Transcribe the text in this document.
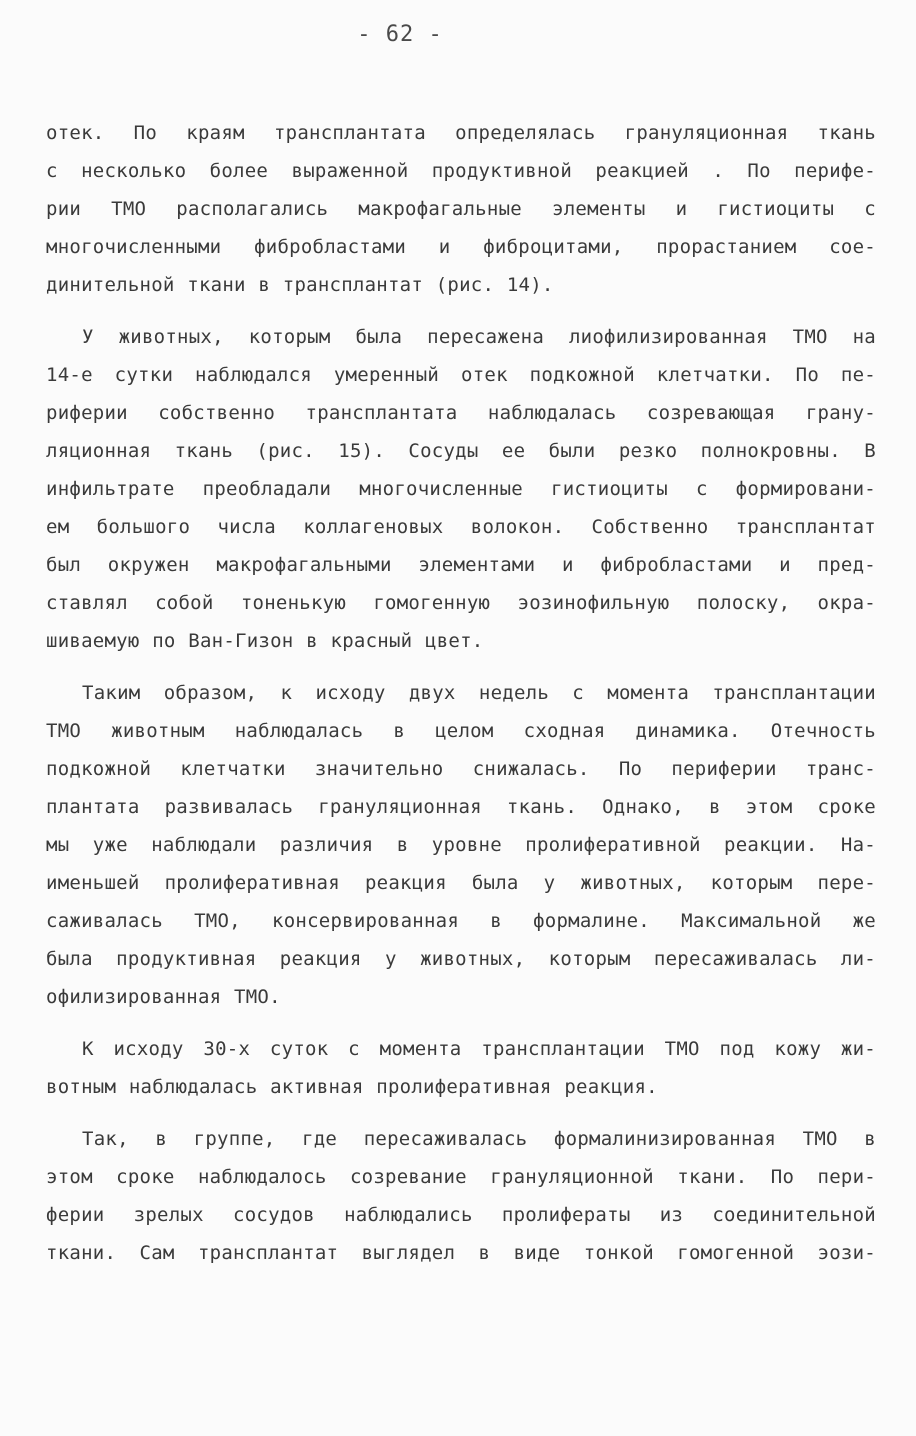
- 62 -
отек. По краям трансплантата определялась грануляционная ткань
с несколько более выраженной продуктивной реакцией . По перифе-
рии ТМО располагались макрофагальные элементы и гистиоциты с
многочисленными фибробластами и фиброцитами, прорастанием сое-
динительной ткани в трансплантат (рис. 14).
У животных, которым была пересажена лиофилизированная ТМО на
14-е сутки наблюдался умеренный отек подкожной клетчатки. По пе-
риферии собственно трансплантата наблюдалась созревающая грану-
ляционная ткань (рис. 15). Сосуды ее были резко полнокровны. В
инфильтрате преобладали многочисленные гистиоциты с формировани-
ем большого числа коллагеновых волокон. Собственно трансплантат
был окружен макрофагальными элементами и фибробластами и пред-
ставлял собой тоненькую гомогенную эозинофильную полоску, окра-
шиваемую по Ван-Гизон в красный цвет.
Таким образом, к исходу двух недель с момента трансплантации
ТМО животным наблюдалась в целом сходная динамика. Отечность
подкожной клетчатки значительно снижалась. По периферии транс-
плантата развивалась грануляционная ткань. Однако, в этом сроке
мы уже наблюдали различия в уровне пролиферативной реакции. На-
именьшей пролиферативная реакция была у животных, которым пере-
саживалась ТМО, консервированная в формалине. Максимальной же
была продуктивная реакция у животных, которым пересаживалась ли-
офилизированная ТМО.
К исходу 30-х суток с момента трансплантации ТМО под кожу жи-
вотным наблюдалась активная пролиферативная реакция.
Так, в группе, где пересаживалась формалинизированная ТМО в
этом сроке наблюдалось созревание грануляционной ткани. По пери-
ферии зрелых сосудов наблюдались пролифераты из соединительной
ткани. Сам трансплантат выглядел в виде тонкой гомогенной эози-
